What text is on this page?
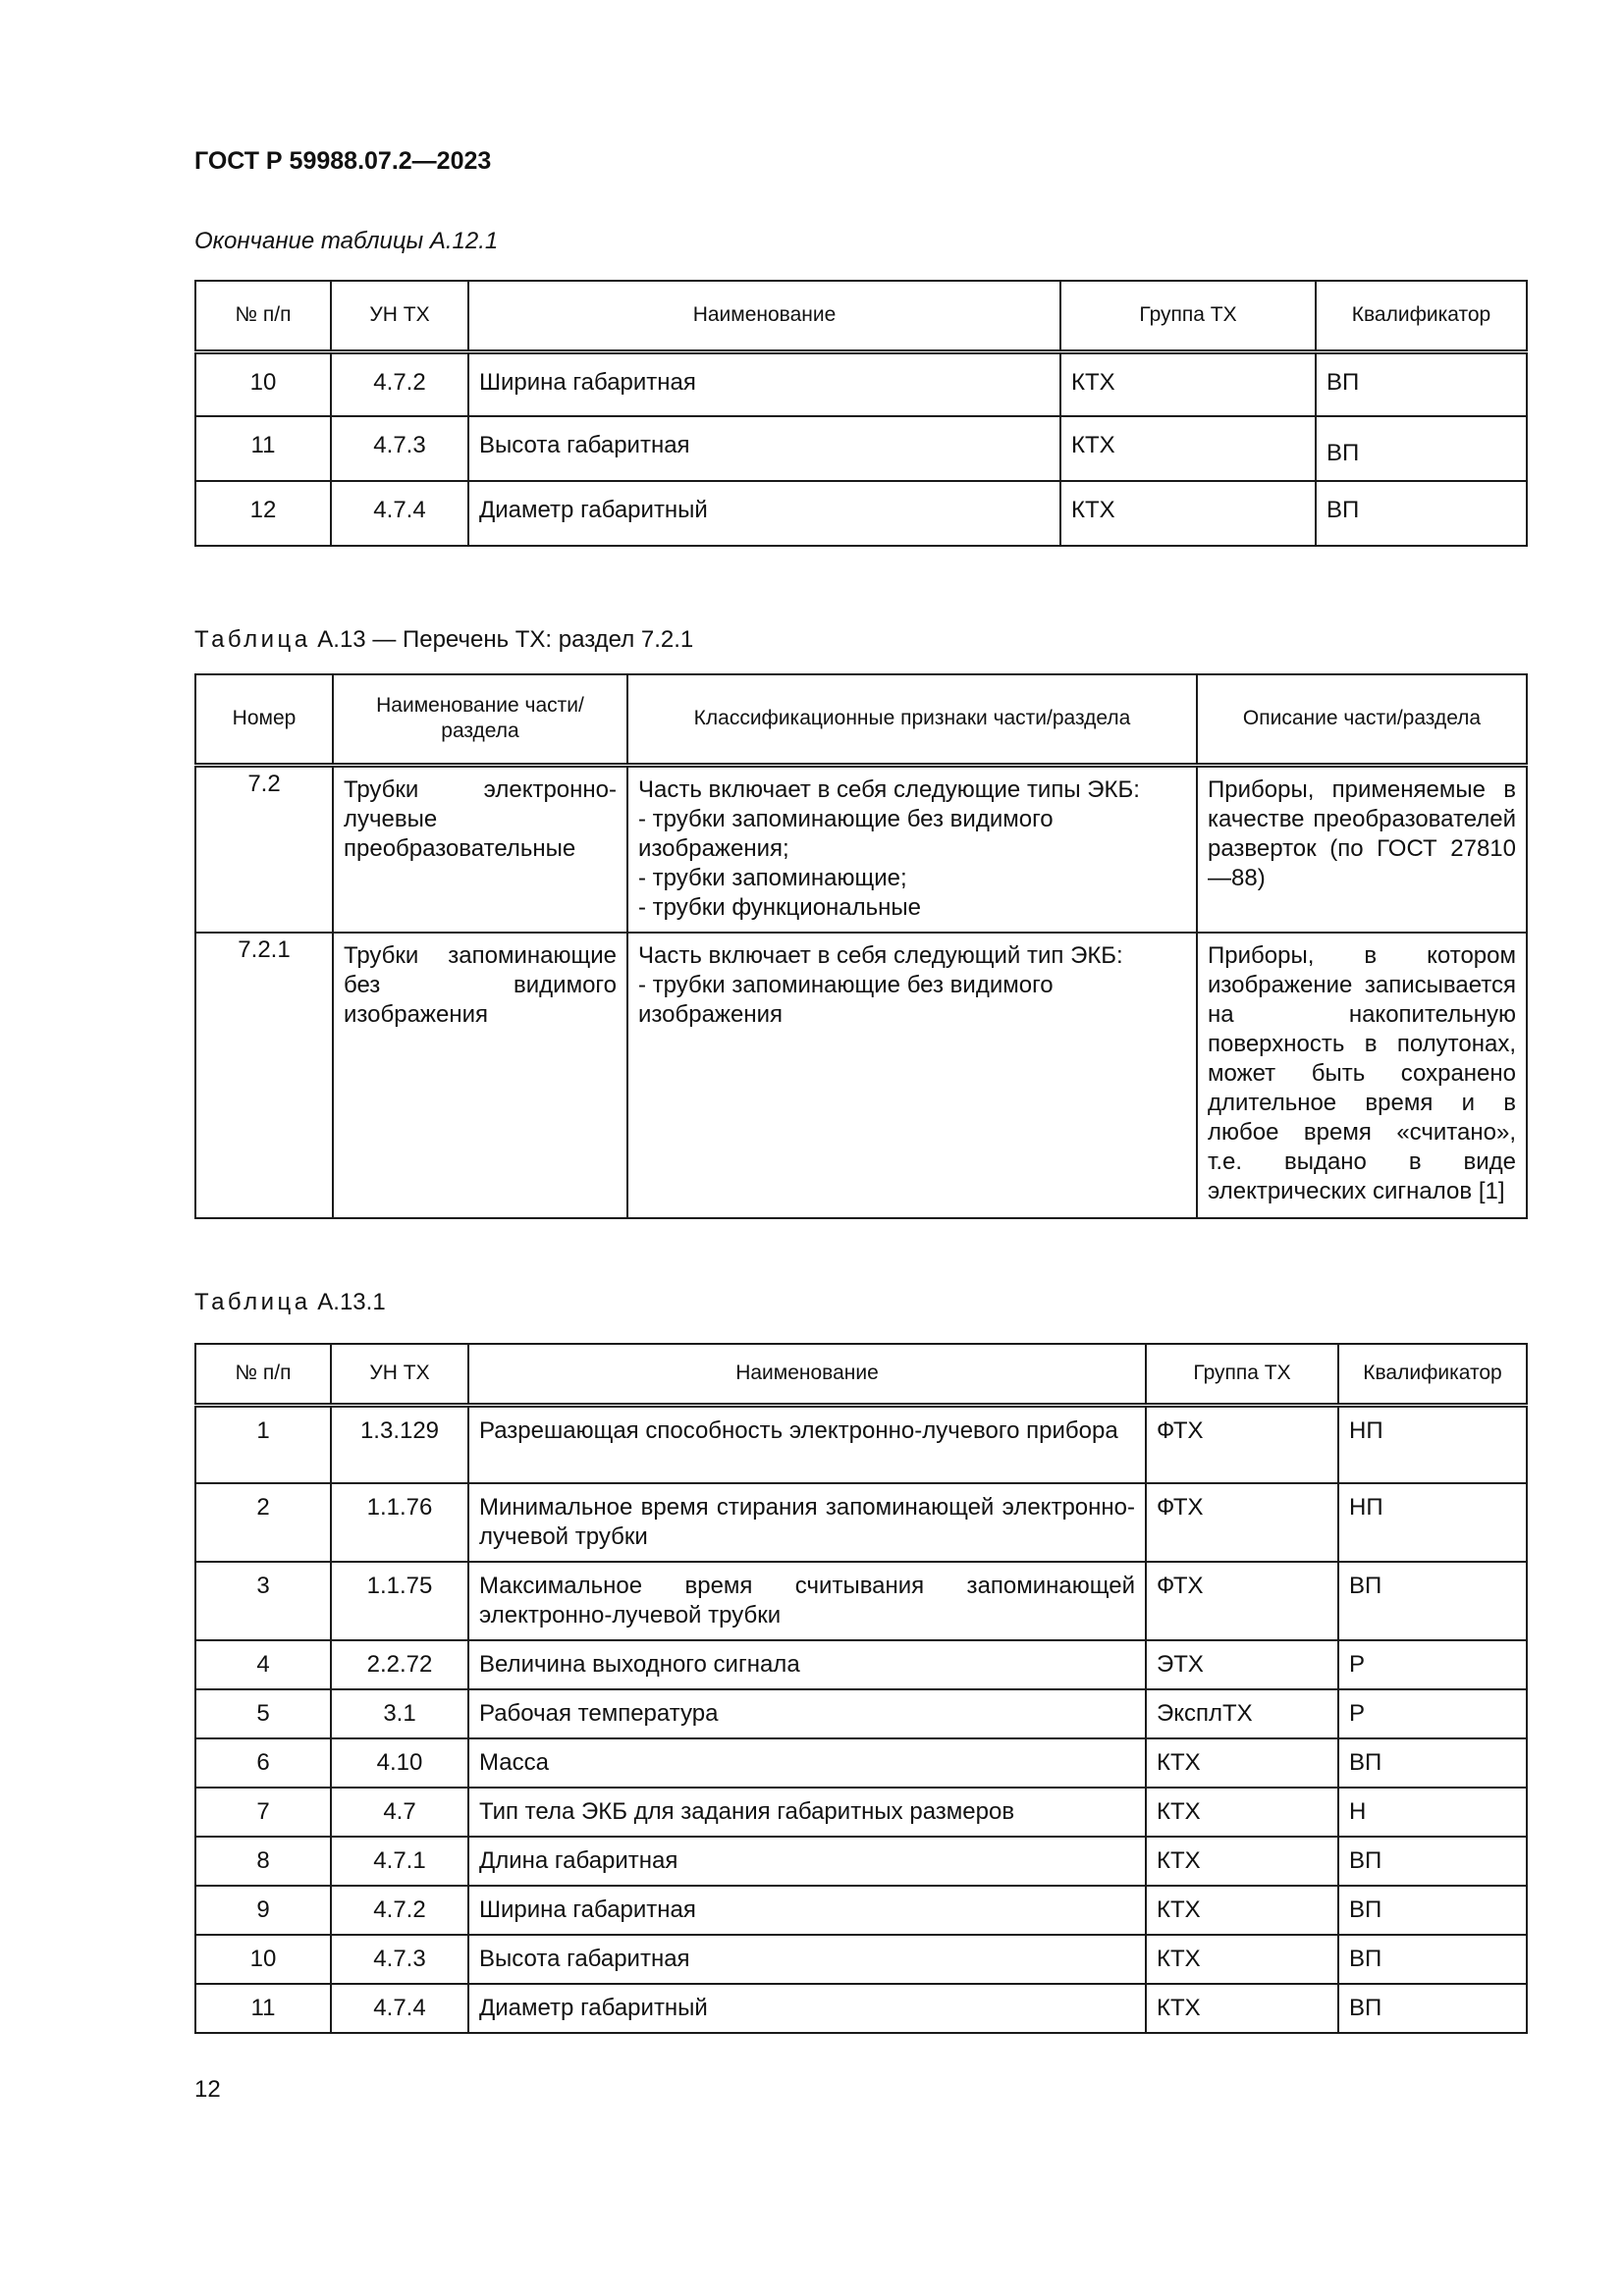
ГОСТ Р 59988.07.2—2023
Окончание таблицы А.12.1
№ п/п	УН ТХ	Наименование	Группа ТХ	Квалификатор
10	4.7.2	Ширина габаритная	КТХ	ВП
11	4.7.3	Высота габаритная	КТХ	ВП
12	4.7.4	Диаметр габаритный	КТХ	ВП
Таблица А.13 — Перечень ТХ: раздел 7.2.1
Номер	Наименование части/ раздела	Классификационные признаки части/раздела	Описание части/раздела
7.2	Трубки электронно-лучевые преобразовательные	Часть включает в себя следующие типы ЭКБ:
- трубки запоминающие без видимого изображения;
- трубки запоминающие;
- трубки функциональные	Приборы, применяемые в качестве преобразователей разверток (по ГОСТ 27810—88)
7.2.1	Трубки запоминающие без видимого изображения	Часть включает в себя следующий тип ЭКБ:
- трубки запоминающие без видимого изображения	Приборы, в котором изображение записывается на накопительную поверхность в полутонах, может быть сохранено длительное время и в любое время «считано», т.е. выдано в виде электрических сигналов [1]
Таблица А.13.1
№ п/п	УН ТХ	Наименование	Группа ТХ	Квалификатор
1	1.3.129	Разрешающая способность электронно-лучевого прибора	ФТХ	НП
2	1.1.76	Минимальное время стирания запоминающей электронно-лучевой трубки	ФТХ	НП
3	1.1.75	Максимальное время считывания запоминающей электронно-лучевой трубки	ФТХ	ВП
4	2.2.72	Величина выходного сигнала	ЭТХ	Р
5	3.1	Рабочая температура	ЭксплТХ	Р
6	4.10	Масса	КТХ	ВП
7	4.7	Тип тела ЭКБ для задания габаритных размеров	КТХ	Н
8	4.7.1	Длина габаритная	КТХ	ВП
9	4.7.2	Ширина габаритная	КТХ	ВП
10	4.7.3	Высота габаритная	КТХ	ВП
11	4.7.4	Диаметр габаритный	КТХ	ВП
12
